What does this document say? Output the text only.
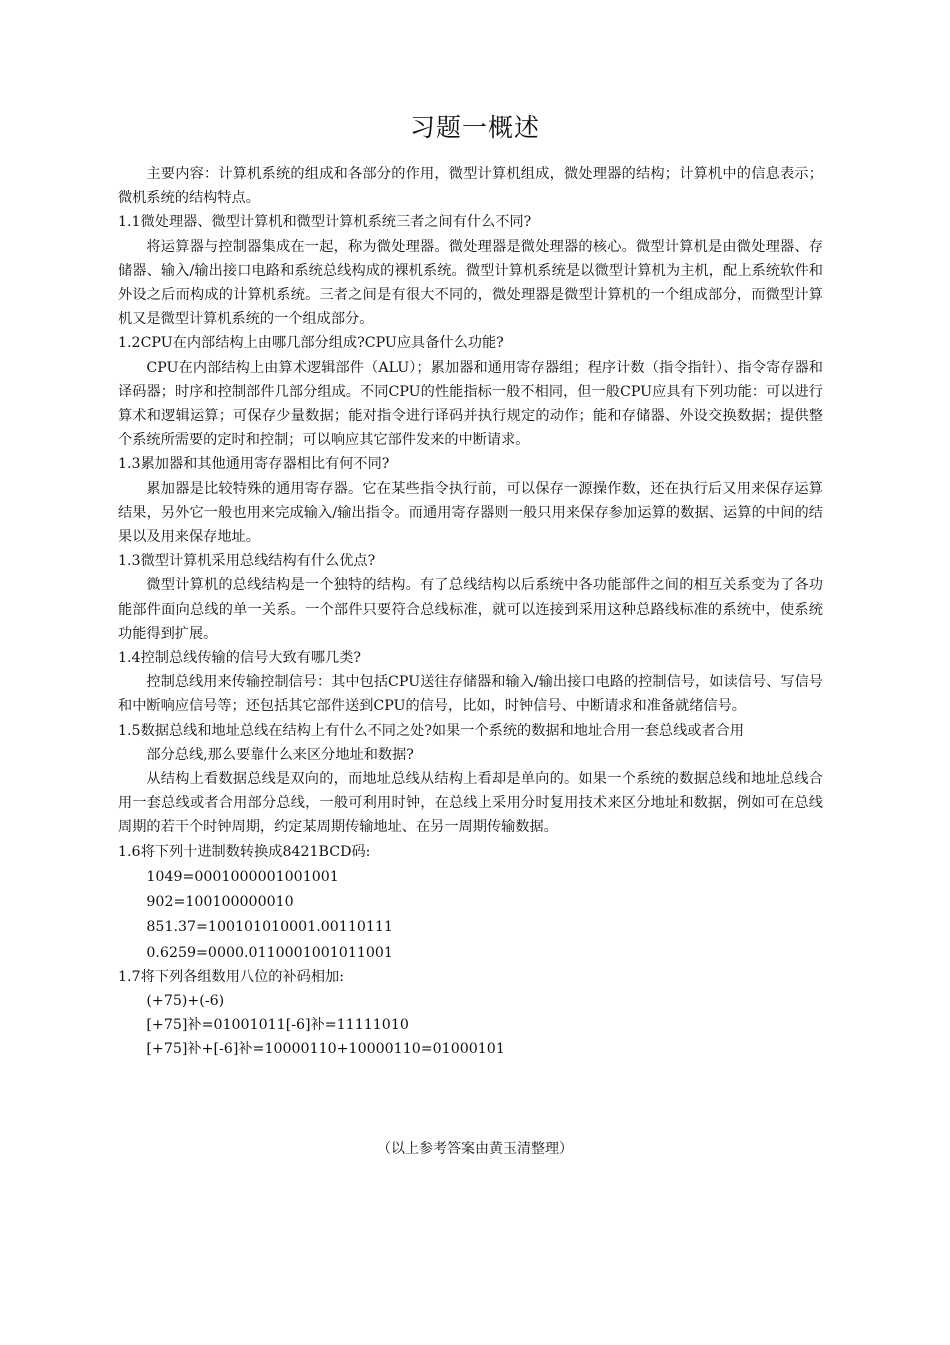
习题一概述

主要内容：计算机系统的组成和各部分的作用，微型计算机组成，微处理器的结构；计算机中的信息表示；微机系统的结构特点。

1.1微处理器、微型计算机和微型计算机系统三者之间有什么不同?

将运算器与控制器集成在一起，称为微处理器。微处理器是微处理器的核心。微型计算机是由微处理器、存储器、输入/输出接口电路和系统总线构成的裸机系统。微型计算机系统是以微型计算机为主机，配上系统软件和外设之后而构成的计算机系统。三者之间是有很大不同的，微处理器是微型计算机的一个组成部分，而微型计算机又是微型计算机系统的一个组成部分。

1.2CPU在内部结构上由哪几部分组成?CPU应具备什么功能?

CPU在内部结构上由算术逻辑部件（ALU）；累加器和通用寄存器组；程序计数（指令指针）、指令寄存器和译码器；时序和控制部件几部分组成。不同CPU的性能指标一般不相同，但一般CPU应具有下列功能：可以进行算术和逻辑运算；可保存少量数据；能对指令进行译码并执行规定的动作；能和存储器、外设交换数据；提供整个系统所需要的定时和控制；可以响应其它部件发来的中断请求。

1.3累加器和其他通用寄存器相比有何不同?

累加器是比较特殊的通用寄存器。它在某些指令执行前，可以保存一源操作数，还在执行后又用来保存运算结果，另外它一般也用来完成输入/输出指令。而通用寄存器则一般只用来保存参加运算的数据、运算的中间的结果以及用来保存地址。

1.3微型计算机采用总线结构有什么优点?

微型计算机的总线结构是一个独特的结构。有了总线结构以后系统中各功能部件之间的相互关系变为了各功能部件面向总线的单一关系。一个部件只要符合总线标准，就可以连接到采用这种总路线标准的系统中，使系统功能得到扩展。

1.4控制总线传输的信号大致有哪几类?

控制总线用来传输控制信号：其中包括CPU送往存储器和输入/输出接口电路的控制信号，如读信号、写信号和中断响应信号等；还包括其它部件送到CPU的信号，比如，时钟信号、中断请求和准备就绪信号。

1.5数据总线和地址总线在结构上有什么不同之处?如果一个系统的数据和地址合用一套总线或者合用
部分总线,那么要靠什么来区分地址和数据?

从结构上看数据总线是双向的，而地址总线从结构上看却是单向的。如果一个系统的数据总线和地址总线合用一套总线或者合用部分总线，一般可利用时钟，在总线上采用分时复用技术来区分地址和数据，例如可在总线周期的若干个时钟周期，约定某周期传输地址、在另一周期传输数据。

1.6将下列十进制数转换成8421BCD码:

1049=0001000001001001

902=100100000010

851.37=100101010001.00110111

0.6259=0000.0110001001011001

1.7将下列各组数用八位的补码相加:

(+75)+(-6)

[+75]补=01001011[-6]补=11111010

[+75]补+[-6]补=10000110+10000110=01000101

（以上参考答案由黄玉清整理）
